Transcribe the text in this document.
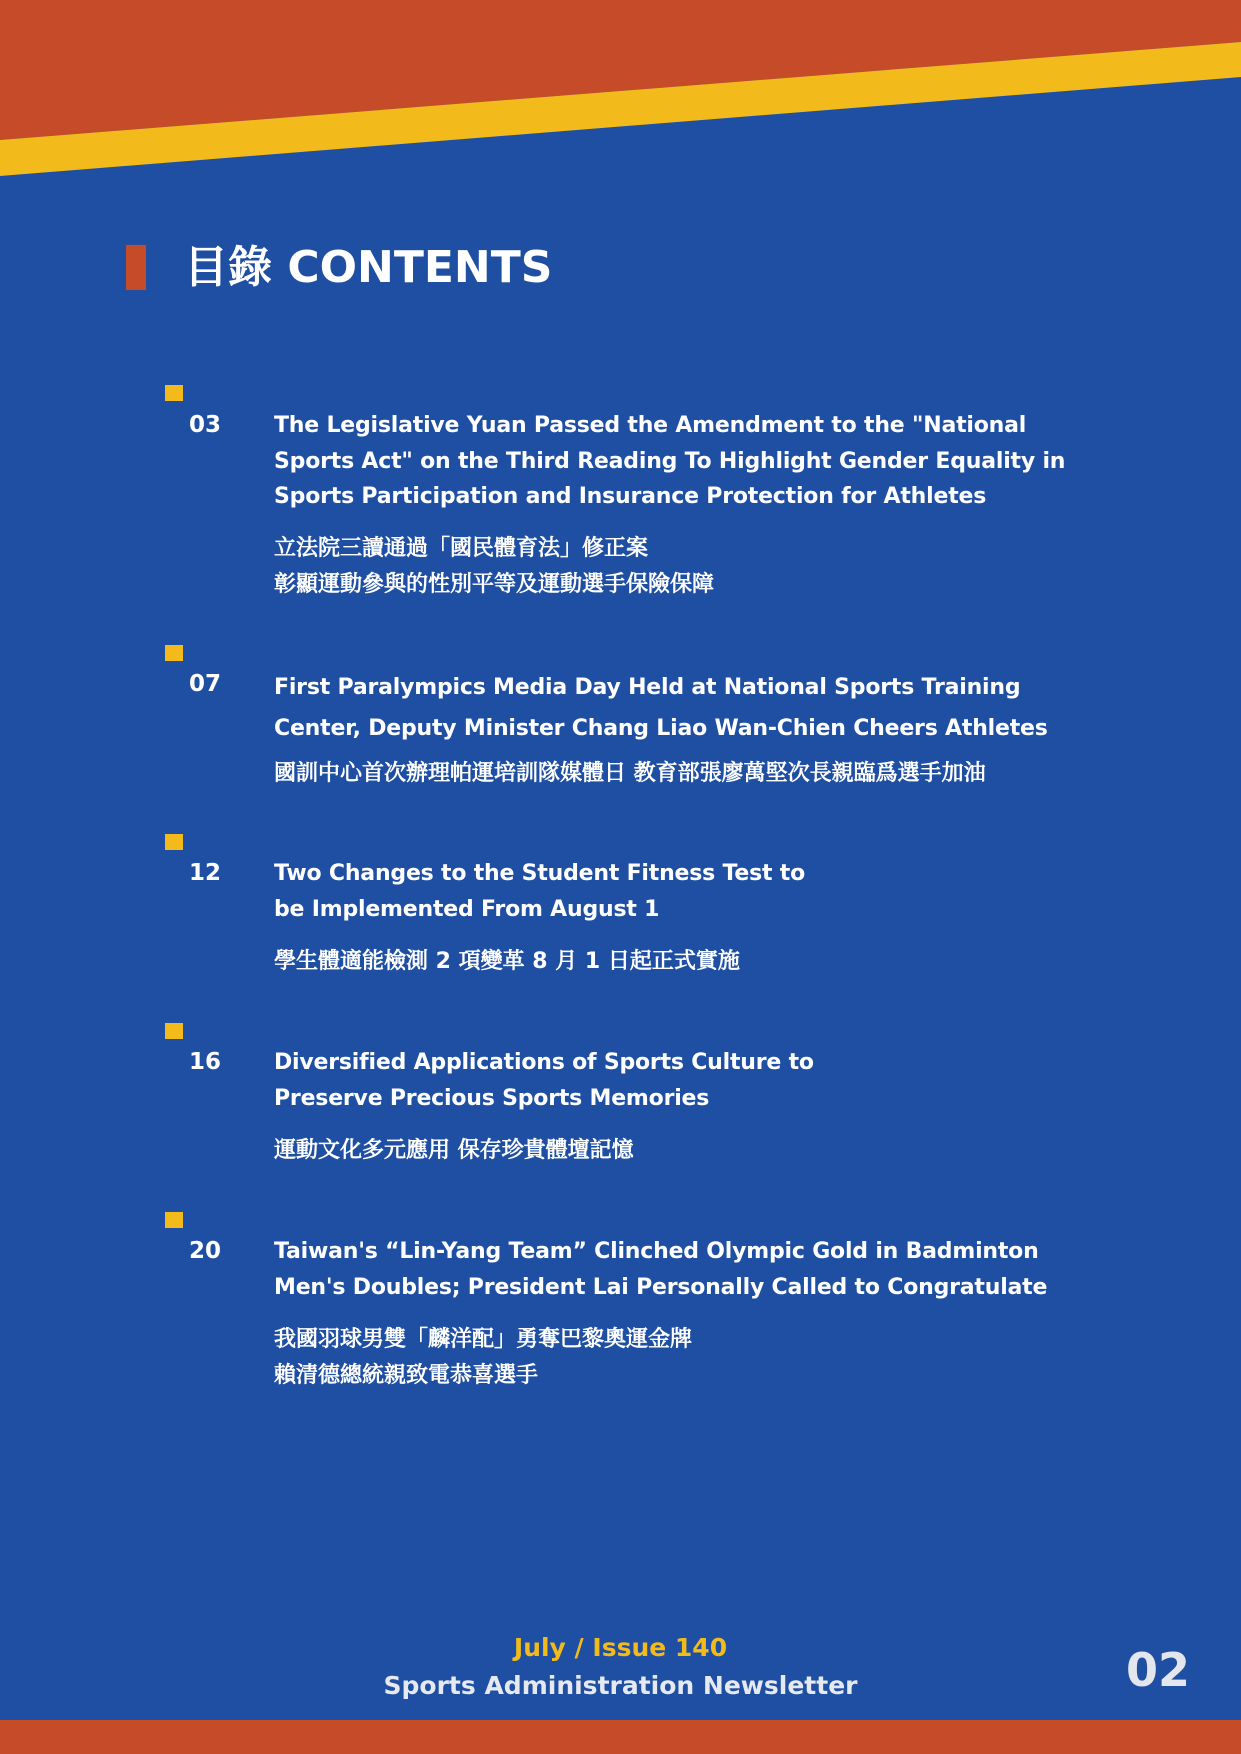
目錄 CONTENTS
03 The Legislative Yuan Passed the Amendment to the "National
Sports Act" on the Third Reading To Highlight Gender Equality in
Sports Participation and Insurance Protection for Athletes
立法院三讀通過「國民體育法」修正案
彰顯運動參與的性別平等及運動選手保險保障
07 First Paralympics Media Day Held at National Sports Training
Center, Deputy Minister Chang Liao Wan-Chien Cheers Athletes
國訓中心首次辦理帕運培訓隊媒體日 教育部張廖萬堅次長親臨爲選手加油
12 Two Changes to the Student Fitness Test to
be Implemented From August 1
學生體適能檢測 2 項變革 8 月 1 日起正式實施
16 Diversified Applications of Sports Culture to
Preserve Precious Sports Memories
運動文化多元應用 保存珍貴體壇記憶
20 Taiwan's “Lin-Yang Team” Clinched Olympic Gold in Badminton
Men's Doubles; President Lai Personally Called to Congratulate
我國羽球男雙「麟洋配」勇奪巴黎奧運金牌
賴清德總統親致電恭喜選手
July / Issue 140
Sports Administration Newsletter	02
